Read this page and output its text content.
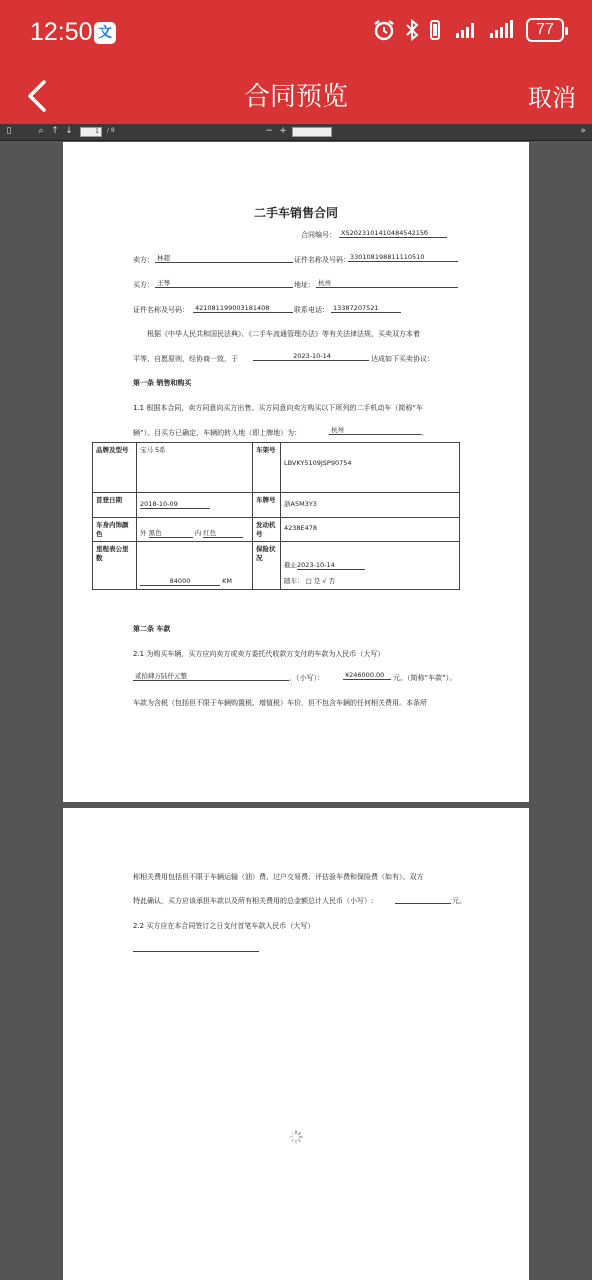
12:50 文	77
合同预览	取消
▯	⌕ ↑ ↓	1	/ 8	− +	»
二手车销售合同
合同编号： XS202310141048454215б
卖方： 林超	证件名称及号码： 330108198811110510
买方： 王琴	地址： 杭州
证件名称及号码： 421081199003181408	联系电话： 13387207521
根据《中华人民共和国民法典》、《二手车流通管理办法》等有关法律法规，买卖双方本着
平等、自愿原则，经协商一致，于	2023-10-14	达成如下买卖协议：
第一条 销售和购买
1.1 根据本合同，卖方同意向买方出售、买方同意向卖方购买以下所列的二手机动车（简称“车
辆”）。目买方已确定，车辆的转入地（即上牌地）为：	杭州	。
品牌及型号	宝马 5系	车架号	LBVKY5109JSP90754
首登日期	2018-10-09	车牌号	浙A5M3Y3
车身内饰颜色	外 黑色 内 红色	发动机号	4238E478
里程表公里数	84000 KM	保险状况	截止2023-10-14
随车： □ 是 √ 否
第二条 车款
2.1 为购买车辆，买方应向卖方或卖方委托代收款方支付的车款为人民币（大写）
贰拾肆万陆仟元整	，（小写）：	¥246000.00	元。（简称“车款”）。
车款为含税（包括但不限于车辆购置税、增值税）车价，但不包含车辆的任何相关费用。本条所
称相关费用包括但不限于车辆运输（油）费、过户交易费、评估验车费和保险费（如有）。双方
特此确认，买方应该承担车款以及所有相关费用的总金额总计人民币（小写）:	元。
2.2 买方应在本合同签订之日支付首笔车款人民币（大写）
